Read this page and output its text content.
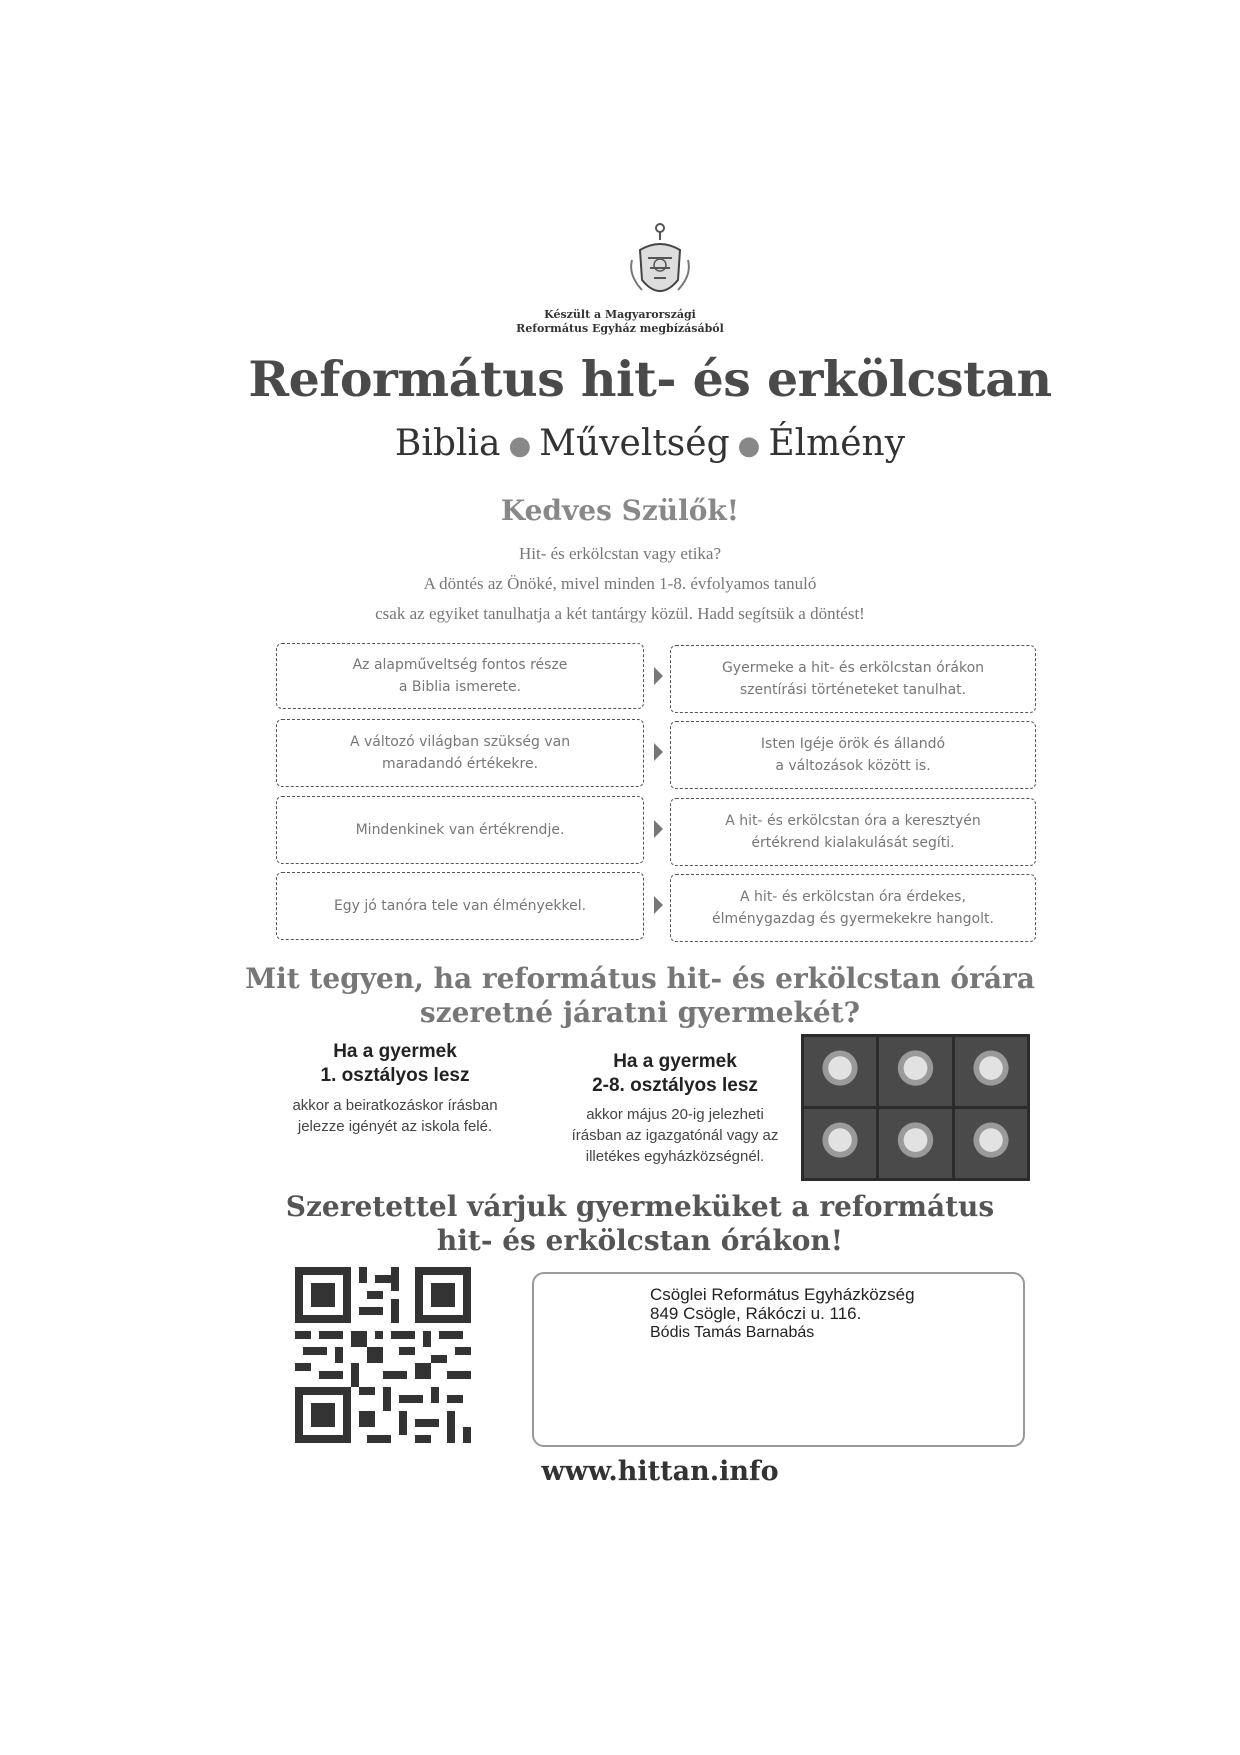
Készült a Magyarországi
Református Egyház megbízásából
Református hit- és erkölcstan
Biblia ● Műveltség ● Élmény
Kedves Szülők!
Hit- és erkölcstan vagy etika?
A döntés az Önöké, mivel minden 1-8. évfolyamos tanuló
csak az egyiket tanulhatja a két tantárgy közül. Hadd segítsük a döntést!
Az alapműveltség fontos része
a Biblia ismerete.
Gyermeke a hit- és erkölcstan órákon
szentírási történeteket tanulhat.
A változó világban szükség van
maradandó értékekre.
Isten Igéje örök és állandó
a változások között is.
Mindenkinek van értékrendje.
A hit- és erkölcstan óra a keresztyén
értékrend kialakulását segíti.
Egy jó tanóra tele van élményekkel.
A hit- és erkölcstan óra érdekes,
élménygazdag és gyermekekre hangolt.
Mit tegyen, ha református hit- és erkölcstan órára
szeretné járatni gyermekét?
Ha a gyermek
1. osztályos lesz
akkor a beiratkozáskor írásban
jelezze igényét az iskola felé.
Ha a gyermek
2-8. osztályos lesz
akkor május 20-ig jelezheti
írásban az igazgatónál vagy az
illetékes egyházközségnél.
Szeretettel várjuk gyermeküket a református
hit- és erkölcstan órákon!
Csöglei Református Egyházközség
849 Csögle, Rákóczi u. 116.
Bódis Tamás Barnabás
www.hittan.info
